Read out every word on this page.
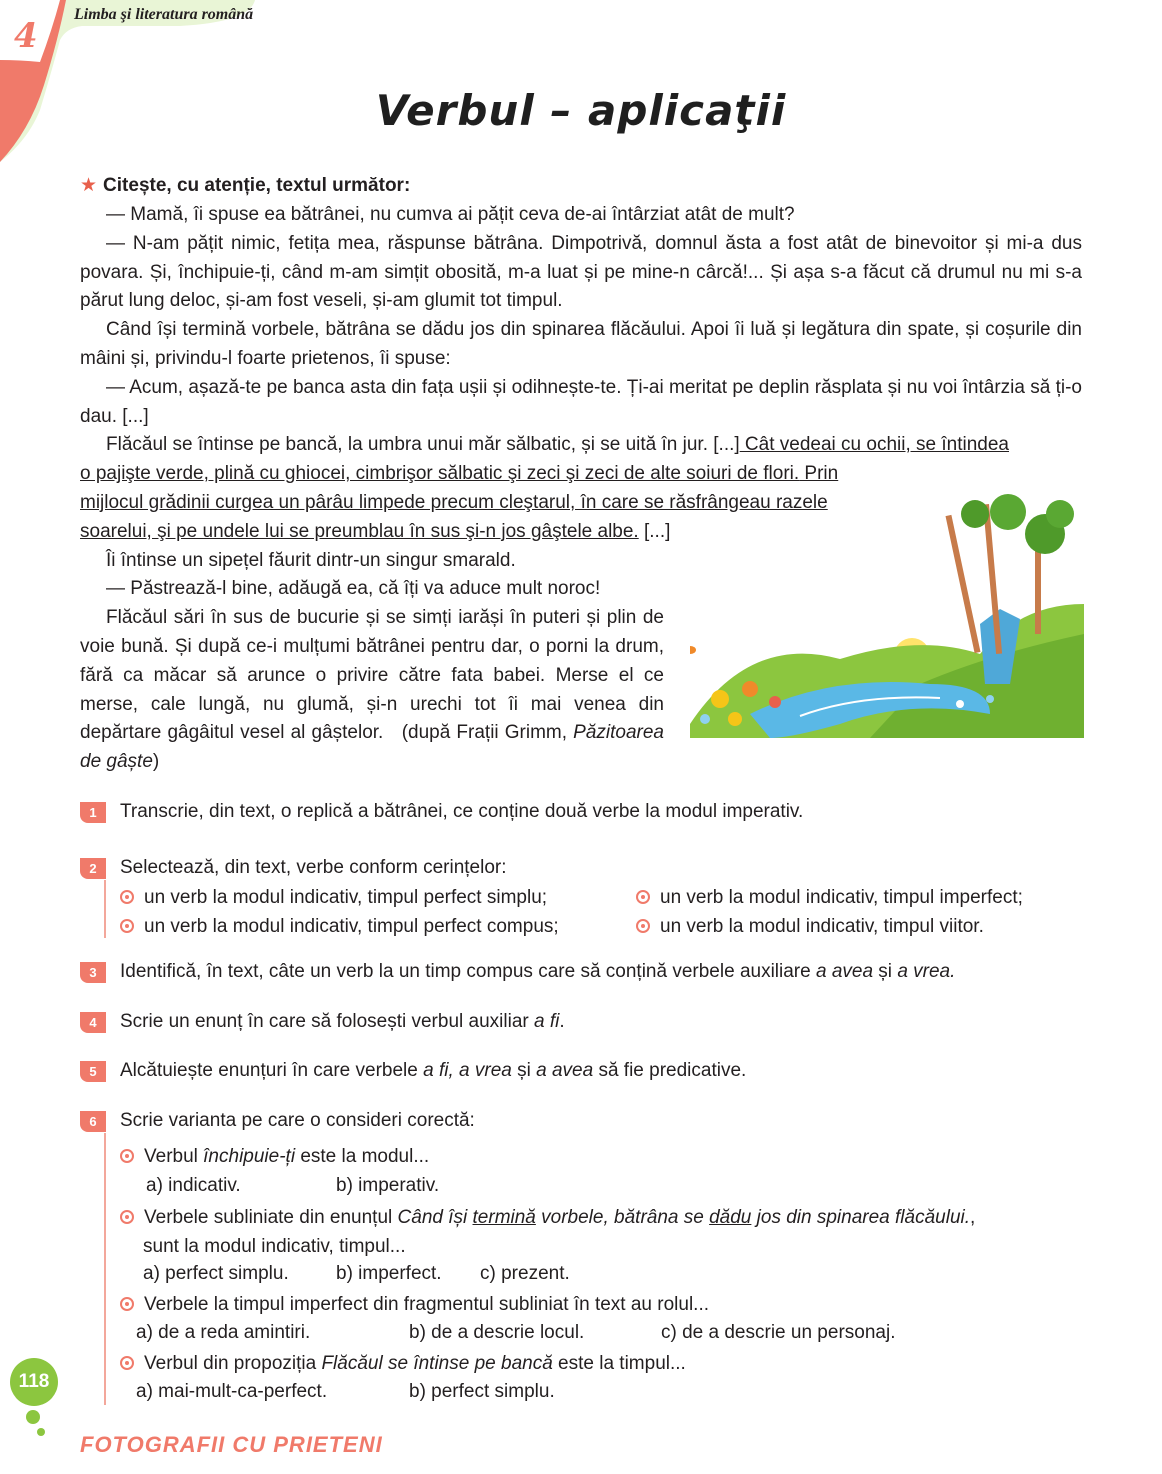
4
Limba şi literatura română
Verbul – aplicaţii
★ Citește, cu atenție, textul următor:

— Mamă, îi spuse ea bătrânei, nu cumva ai pățit ceva de-ai întârziat atât de mult?

— N-am pățit nimic, fetița mea, răspunse bătrâna. Dimpotrivă, domnul ăsta a fost atât de binevoitor și mi-a dus povara. Și, închipuie-ți, când m-am simțit obosită, m-a luat și pe mine-n cârcă!... Și așa s-a făcut că drumul nu mi s-a părut lung deloc, și-am fost veseli, și-am glumit tot timpul.

Când își termină vorbele, bătrâna se dădu jos din spinarea flăcăului. Apoi îi luă și legătura din spate, și coșurile din mâini și, privindu-l foarte prietenos, îi spuse:

— Acum, așază-te pe banca asta din fața ușii și odihnește-te. Ți-ai meritat pe deplin răsplata și nu voi întârzia să ți-o dau. [...]

Flăcăul se întinse pe bancă, la umbra unui măr sălbatic, și se uită în jur. [...] Cât vedeai cu ochii, se întindea

o pajişte verde, plină cu ghiocei, cimbrişor sălbatic şi zeci şi zeci de alte soiuri de flori. Prin
mijlocul grădinii curgea un pârâu limpede precum cleştarul, în care se răsfrângeau razele
soarelui, şi pe undele lui se preumblau în sus şi-n jos gâştele albe. [...]

Îi întinse un sipețel făurit dintr-un singur smarald.

— Păstrează-l bine, adăugă ea, că îți va aduce mult noroc!

Flăcăul sări în sus de bucurie și se simți iarăși în puteri și plin de voie bună. Și după ce-i mulțumi bătrânei pentru dar, o porni la drum, fără ca măcar să arunce o privire către fata babei. Merse el ce merse, cale lungă, nu glumă, și-n urechi tot îi mai venea din depărtare gâgâitul vesel al gâștelor. (după Frații Grimm, Păzitoarea de gâște)

1	Transcrie, din text, o replică a bătrânei, ce conține două verbe la modul imperativ.
2	Selectează, din text, verbe conform cerințelor:
un verb la modul indicativ, timpul perfect simplu;	un verb la modul indicativ, timpul imperfect;
un verb la modul indicativ, timpul perfect compus;	un verb la modul indicativ, timpul viitor.
3	Identifică, în text, câte un verb la un timp compus care să conțină verbele auxiliare a avea și a vrea.
4	Scrie un enunț în care să folosești verbul auxiliar a fi.
5	Alcătuiește enunțuri în care verbele a fi, a vrea și a avea să fie predicative.
6	Scrie varianta pe care o consideri corectă:
Verbul închipuie-ți este la modul...
a) indicativ.	b) imperativ.
Verbele subliniate din enunțul Când își termină vorbele, bătrâna se dădu jos din spinarea flăcăului.,
sunt la modul indicativ, timpul...
a) perfect simplu. b) imperfect. c) prezent.
Verbele la timpul imperfect din fragmentul subliniat în text au rolul...
a) de a reda amintiri.	b) de a descrie locul.	c) de a descrie un personaj.
Verbul din propoziția Flăcăul se întinse pe bancă este la timpul...
a) mai-mult-ca-perfect.	b) perfect simplu.
118
FOTOGRAFII CU PRIETENI
